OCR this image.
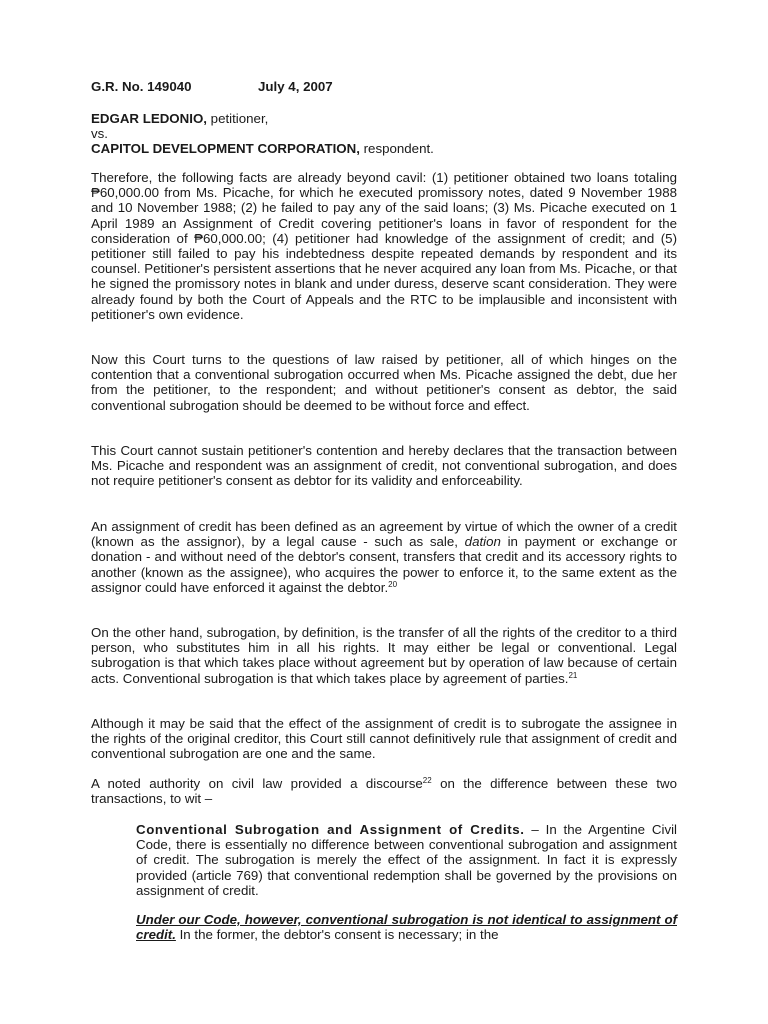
G.R. No. 149040	July 4, 2007
EDGAR LEDONIO, petitioner,
vs.
CAPITOL DEVELOPMENT CORPORATION, respondent.

Therefore, the following facts are already beyond cavil: (1) petitioner obtained two loans totaling ₱60,000.00 from Ms. Picache, for which he executed promissory notes, dated 9 November 1988 and 10 November 1988; (2) he failed to pay any of the said loans; (3) Ms. Picache executed on 1 April 1989 an Assignment of Credit covering petitioner's loans in favor of respondent for the consideration of ₱60,000.00; (4) petitioner had knowledge of the assignment of credit; and (5) petitioner still failed to pay his indebtedness despite repeated demands by respondent and its counsel. Petitioner's persistent assertions that he never acquired any loan from Ms. Picache, or that he signed the promissory notes in blank and under duress, deserve scant consideration. They were already found by both the Court of Appeals and the RTC to be implausible and inconsistent with petitioner's own evidence.

Now this Court turns to the questions of law raised by petitioner, all of which hinges on the contention that a conventional subrogation occurred when Ms. Picache assigned the debt, due her from the petitioner, to the respondent; and without petitioner's consent as debtor, the said conventional subrogation should be deemed to be without force and effect.

This Court cannot sustain petitioner's contention and hereby declares that the transaction between Ms. Picache and respondent was an assignment of credit, not conventional subrogation, and does not require petitioner's consent as debtor for its validity and enforceability.

An assignment of credit has been defined as an agreement by virtue of which the owner of a credit (known as the assignor), by a legal cause - such as sale, dation in payment or exchange or donation - and without need of the debtor's consent, transfers that credit and its accessory rights to another (known as the assignee), who acquires the power to enforce it, to the same extent as the assignor could have enforced it against the debtor.$^{20}$

On the other hand, subrogation, by definition, is the transfer of all the rights of the creditor to a third person, who substitutes him in all his rights. It may either be legal or conventional. Legal subrogation is that which takes place without agreement but by operation of law because of certain acts. Conventional subrogation is that which takes place by agreement of parties.$^{21}$

Although it may be said that the effect of the assignment of credit is to subrogate the assignee in the rights of the original creditor, this Court still cannot definitively rule that assignment of credit and conventional subrogation are one and the same.

A noted authority on civil law provided a discourse$^{22}$ on the difference between these two transactions, to wit –

Conventional Subrogation and Assignment of Credits. – In the Argentine Civil Code, there is essentially no difference between conventional subrogation and assignment of credit. The subrogation is merely the effect of the assignment. In fact it is expressly provided (article 769) that conventional redemption shall be governed by the provisions on assignment of credit.

Under our Code, however, conventional subrogation is not identical to assignment of credit. In the former, the debtor's consent is necessary; in the
